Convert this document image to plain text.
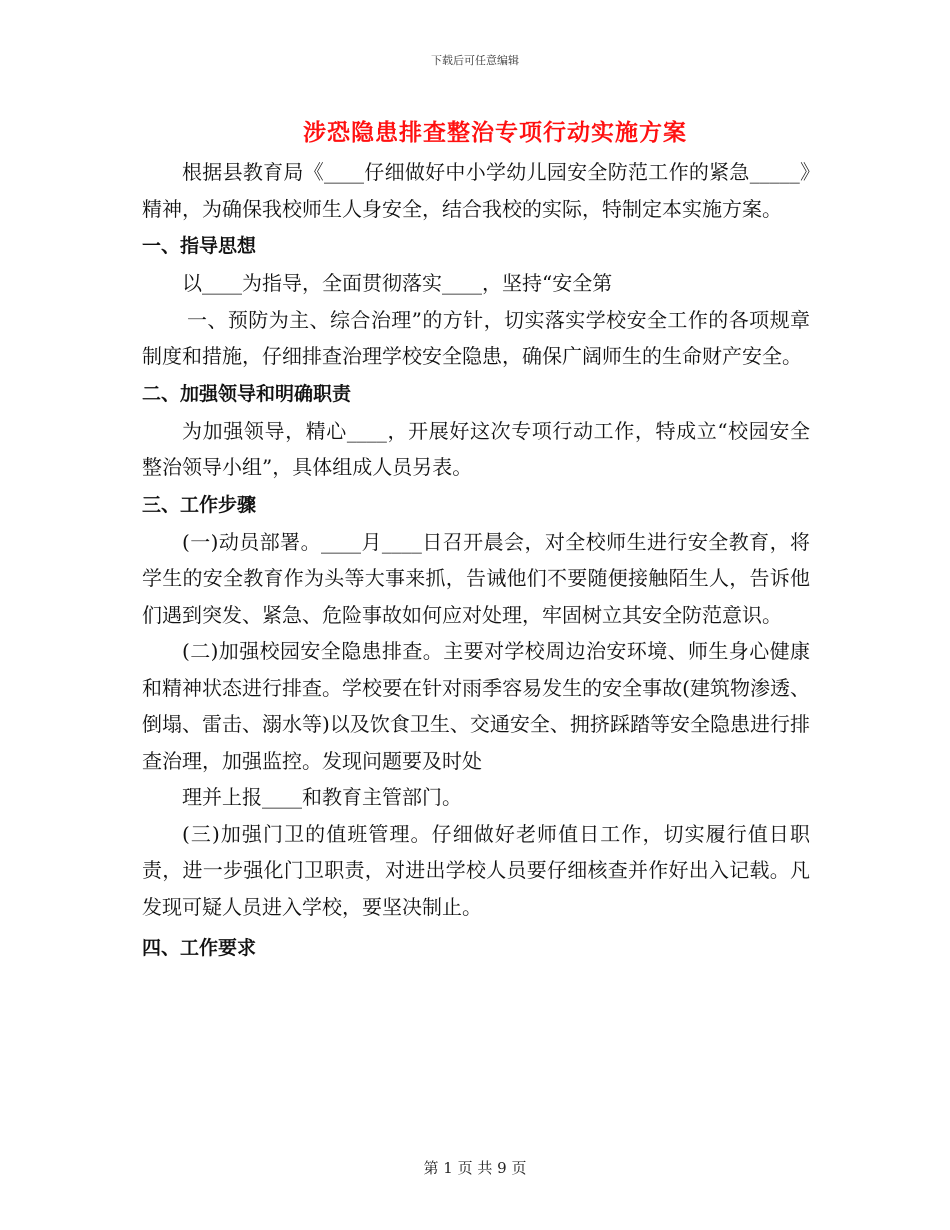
下载后可任意编辑
涉恐隐患排查整治专项行动实施方案

根据县教育局《____仔细做好中小学幼儿园安全防范工作的紧急_____》精神，为确保我校师生人身安全，结合我校的实际，特制定本实施方案。

一、指导思想

以____为指导，全面贯彻落实____，坚持“安全第

一、预防为主、综合治理”的方针，切实落实学校安全工作的各项规章制度和措施，仔细排查治理学校安全隐患，确保广阔师生的生命财产安全。

二、加强领导和明确职责

为加强领导，精心____，开展好这次专项行动工作，特成立“校园安全整治领导小组”，具体组成人员另表。

三、工作步骤

(一)动员部署。____月____日召开晨会，对全校师生进行安全教育，将学生的安全教育作为头等大事来抓，告诫他们不要随便接触陌生人，告诉他们遇到突发、紧急、危险事故如何应对处理，牢固树立其安全防范意识。

(二)加强校园安全隐患排查。主要对学校周边治安环境、师生身心健康和精神状态进行排查。学校要在针对雨季容易发生的安全事故(建筑物渗透、倒塌、雷击、溺水等)以及饮食卫生、交通安全、拥挤踩踏等安全隐患进行排查治理，加强监控。发现问题要及时处

理并上报____和教育主管部门。

(三)加强门卫的值班管理。仔细做好老师值日工作，切实履行值日职责，进一步强化门卫职责，对进出学校人员要仔细核查并作好出入记载。凡发现可疑人员进入学校，要坚决制止。

四、工作要求

第 1 页 共 9 页
